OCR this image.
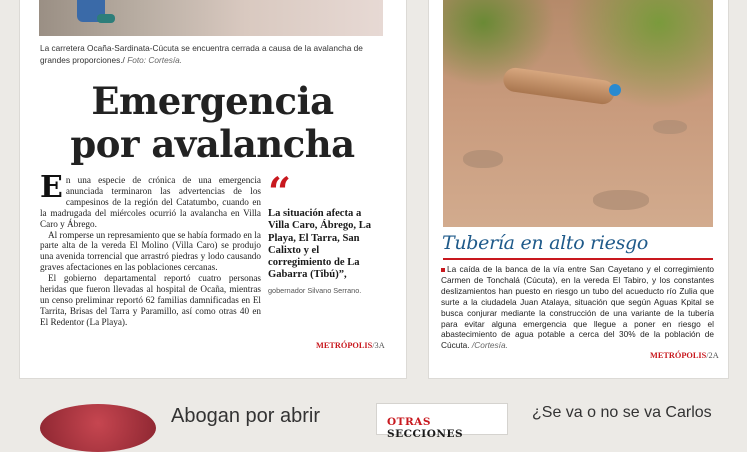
La carretera Ocaña-Sardinata-Cúcuta se encuentra cerrada a causa de la avalancha de grandes proporciones./ Foto: Cortesía.
Emergencia
por avalancha

En una especie de crónica de una emergencia anunciada terminaron las advertencias de los campesinos de la región del Catatumbo, cuando en la madrugada del miércoles ocurrió la avalancha en Villa Caro y Ábrego.

Al romperse un represamiento que se había formado en la parte alta de la vereda El Molino (Villa Caro) se produjo una avenida torrencial que arrastró piedras y lodo causando graves afectaciones en las poblaciones cercanas.

El gobierno departamental reportó cuatro personas heridas que fueron llevadas al hospital de Ocaña, mientras un censo preliminar reportó 62 familias damnificadas en El Tarrita, Brisas del Tarra y Paramillo, así como otras 40 en El Redentor (La Playa).

“
La situación afecta a Villa Caro, Ábrego, La Playa, El Tarra, San Calixto y el corregimiento de La Gabarra (Tibú)”,
gobernador Silvano Serrano.
METRÓPOLIS/3A
Tubería en alto riesgo
La caída de la banca de la vía entre San Cayetano y el corregimiento Carmen de Tonchalá (Cúcuta), en la vereda El Tabiro, y los constantes deslizamientos han puesto en riesgo un tubo del acueducto río Zulia que surte a la ciudadela Juan Atalaya, situación que según Aguas Kpital se busca conjurar mediante la construcción de una variante de la tubería para evitar alguna emergencia que llegue a poner en riesgo el abastecimiento de agua potable a cerca del 30% de la población de Cúcuta. /Cortesía.
METRÓPOLIS/2A
Abogan por abrir	OTRAS SECCIONES
¿Se va o no se va Carlos
